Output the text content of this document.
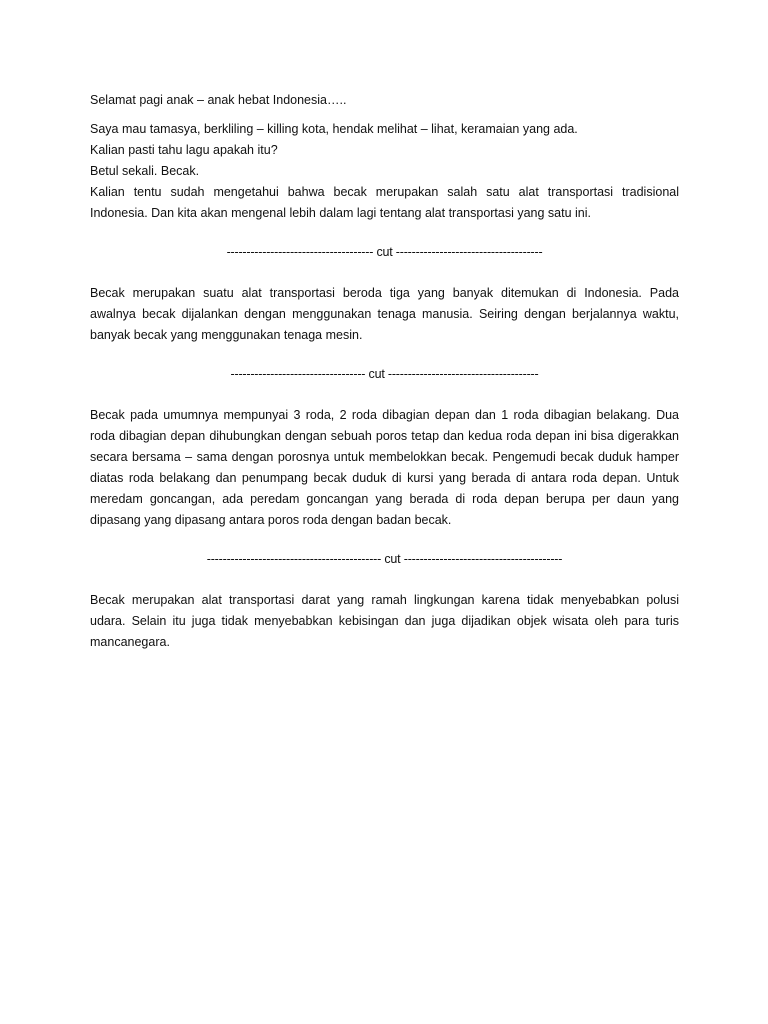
Selamat pagi anak – anak hebat Indonesia…..

Saya mau tamasya, berkliling – killing kota, hendak melihat – lihat, keramaian yang ada.
Kalian pasti tahu lagu apakah itu?
Betul sekali. Becak.
Kalian tentu sudah mengetahui bahwa becak merupakan salah satu alat transportasi tradisional
Indonesia. Dan kita akan mengenal lebih dalam lagi tentang alat transportasi yang satu ini.

------------------------------------- cut -------------------------------------

Becak merupakan suatu alat transportasi beroda tiga yang banyak ditemukan di Indonesia. Pada
awalnya becak dijalankan dengan menggunakan tenaga manusia. Seiring dengan berjalannya waktu,
banyak becak yang menggunakan tenaga mesin.

---------------------------------- cut --------------------------------------

Becak pada umumnya mempunyai 3 roda, 2 roda dibagian depan dan 1 roda dibagian belakang. Dua
roda dibagian depan dihubungkan dengan sebuah poros tetap dan kedua roda depan ini bisa digerakkan
secara bersama – sama dengan porosnya untuk membelokkan becak. Pengemudi becak duduk hamper
diatas roda belakang dan penumpang becak duduk di kursi yang berada di antara roda depan. Untuk
meredam goncangan, ada peredam goncangan yang berada di roda depan berupa per daun yang
dipasang yang dipasang antara poros roda dengan badan becak.

-------------------------------------------- cut ----------------------------------------

Becak merupakan alat transportasi darat yang ramah lingkungan karena tidak menyebabkan polusi
udara. Selain itu juga tidak menyebabkan kebisingan dan juga dijadikan objek wisata oleh para turis
mancanegara.
